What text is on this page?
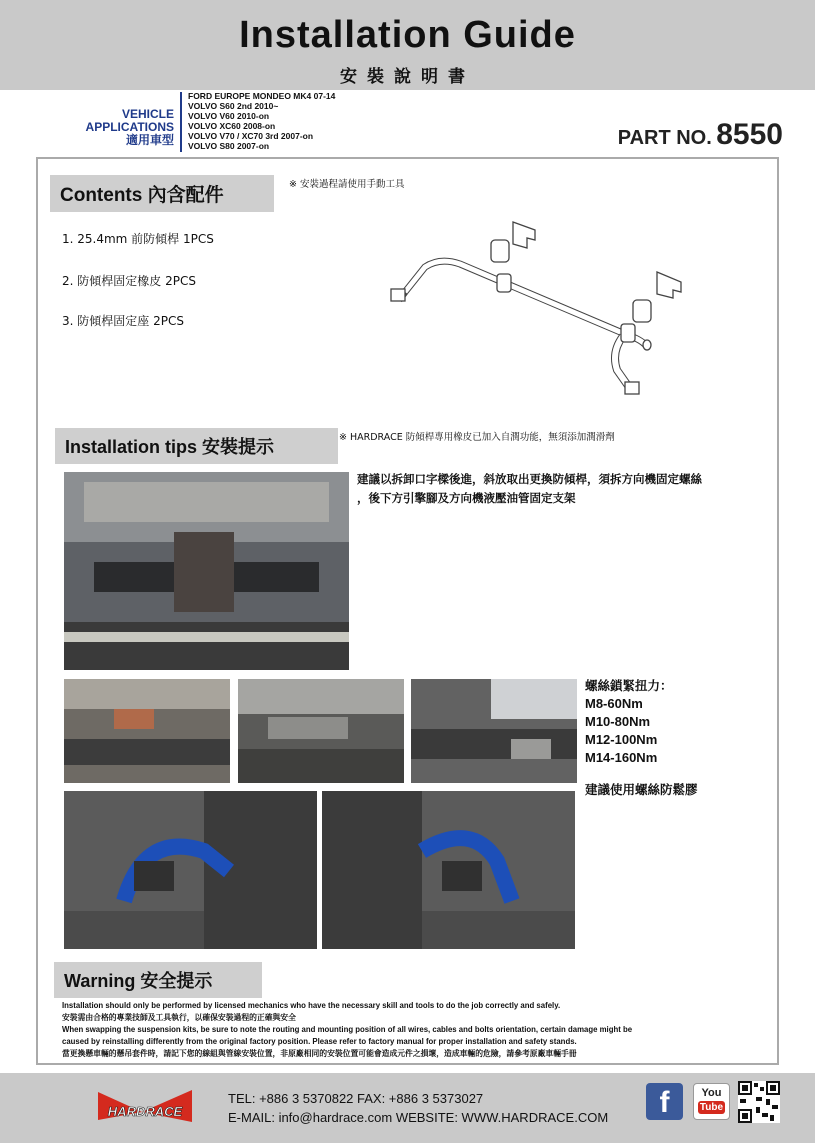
Installation Guide
安裝說明書
VEHICLE APPLICATIONS
適用車型
FORD EUROPE MONDEO MK4 07-14
VOLVO S60 2nd 2010~
VOLVO V60 2010-on
VOLVO XC60 2008-on
VOLVO V70 / XC70 3rd 2007-on
VOLVO S80 2007-on	PART NO. 8550
Contents 內含配件
※ 安裝過程請使用手動工具
1. 25.4mm 前防傾桿 1PCS
2. 防傾桿固定橡皮 2PCS
3. 防傾桿固定座 2PCS
Installation tips 安裝提示	※ HARDRACE 防傾桿專用橡皮已加入自潤功能，無須添加潤滑劑

建議以拆卸口字樑後進，斜放取出更換防傾桿，須拆方向機固定螺絲

，後下方引擎腳及方向機液壓油管固定支架

螺絲鎖緊扭力：
M8-60Nm
M10-80Nm
M12-100Nm
M14-160Nm
建議使用螺絲防鬆膠
Warning 安全提示

Installation should only be performed by licensed mechanics who have the necessary skill and tools to do the job correctly and safely.

安裝需由合格的專業技師及工具執行，以確保安裝過程的正確與安全

When swapping the suspension kits, be sure to note the routing and mounting position of all wires, cables and bolts orientation, certain damage might be

caused by reinstalling differently from the original factory position. Please refer to factory manual for proper installation and safety stands.

當更換懸車輛的懸吊套件時，請記下您的線組與管線安裝位置，非原廠相同的安裝位置可能會造成元件之損壞，造成車輛的危險，請參考原廠車輛手冊

HARDRACE
TEL: +886 3 5370822 FAX: +886 3 5373027
E-MAIL: info@hardrace.com WEBSITE: WWW.HARDRACE.COM	f	You
Tube
